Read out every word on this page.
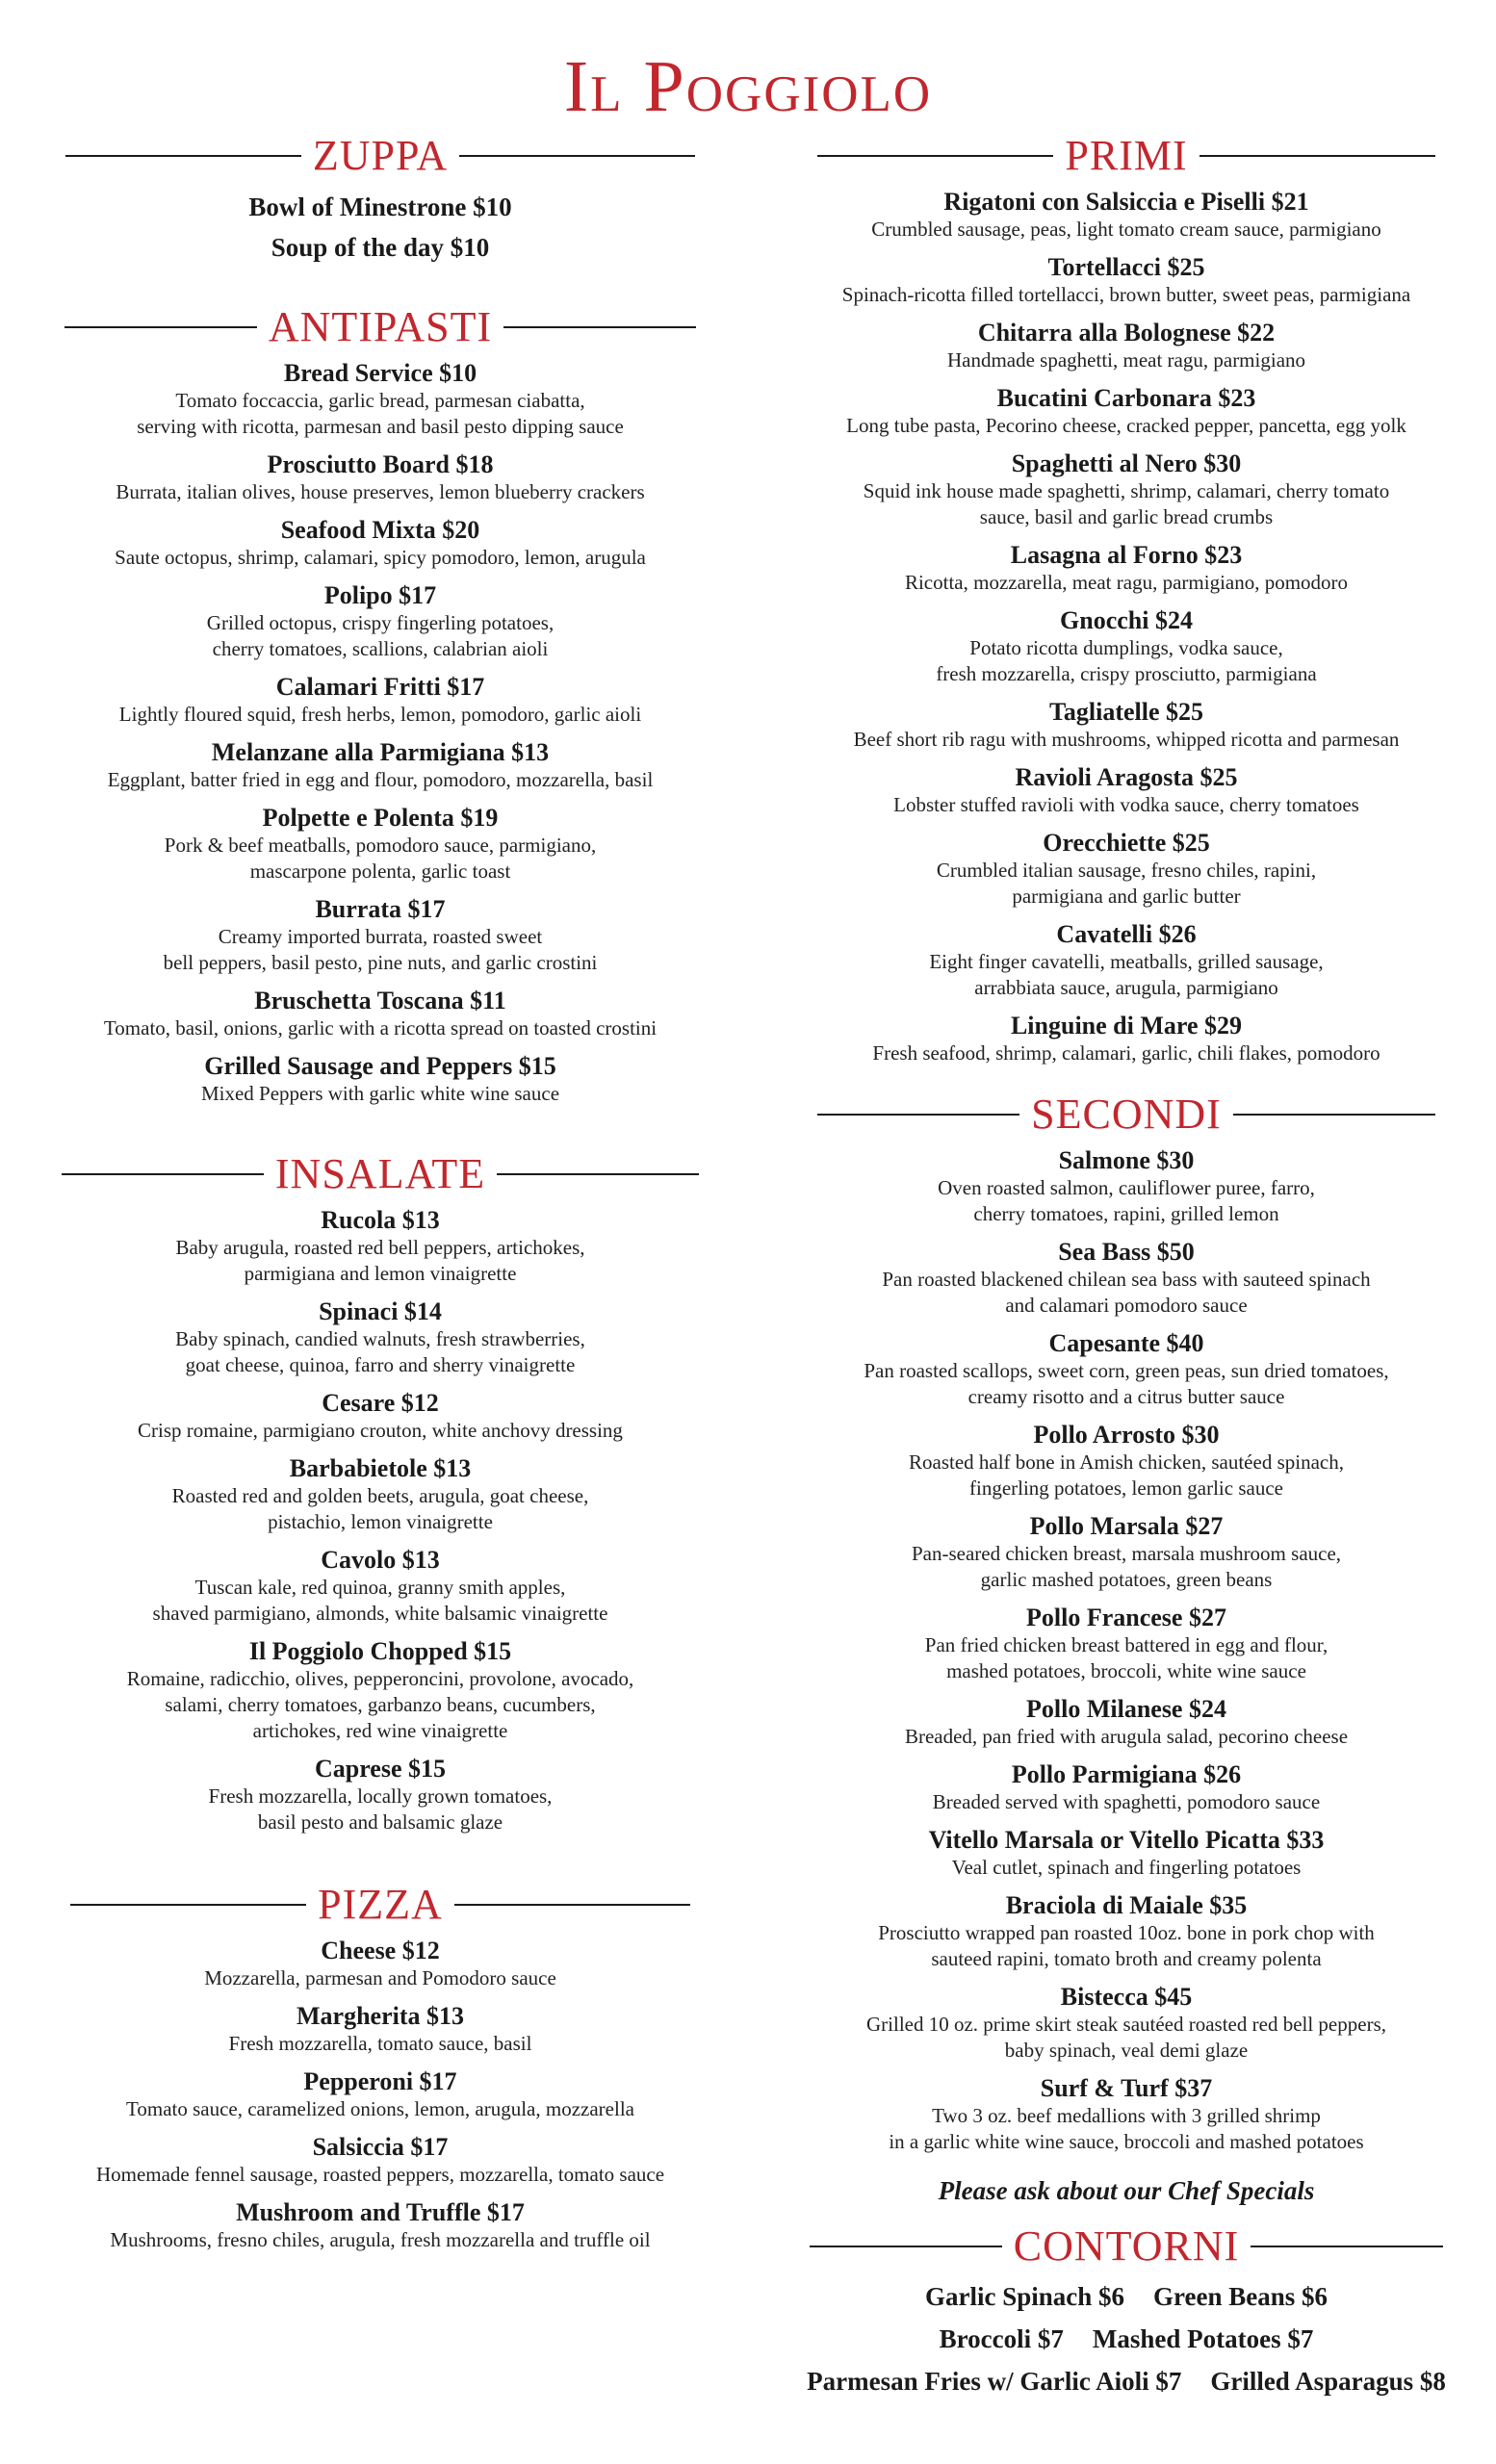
Il Poggiolo
ZUPPA
Bowl of Minestrone $10
Soup of the day $10
ANTIPASTI
Bread Service $10
Tomato foccaccia, garlic bread, parmesan ciabatta,
serving with ricotta, parmesan and basil pesto dipping sauce
Prosciutto Board $18
Burrata, italian olives, house preserves, lemon blueberry crackers
Seafood Mixta $20
Saute octopus, shrimp, calamari, spicy pomodoro, lemon, arugula
Polipo $17
Grilled octopus, crispy fingerling potatoes,
cherry tomatoes, scallions, calabrian aioli
Calamari Fritti $17
Lightly floured squid, fresh herbs, lemon, pomodoro, garlic aioli
Melanzane alla Parmigiana $13
Eggplant, batter fried in egg and flour, pomodoro, mozzarella, basil
Polpette e Polenta $19
Pork & beef meatballs, pomodoro sauce, parmigiano,
mascarpone polenta, garlic toast
Burrata $17
Creamy imported burrata, roasted sweet
bell peppers, basil pesto, pine nuts, and garlic crostini
Bruschetta Toscana $11
Tomato, basil, onions, garlic with a ricotta spread on toasted crostini
Grilled Sausage and Peppers $15
Mixed Peppers with garlic white wine sauce
INSALATE
Rucola $13
Baby arugula, roasted red bell peppers, artichokes,
parmigiana and lemon vinaigrette
Spinaci $14
Baby spinach, candied walnuts, fresh strawberries,
goat cheese, quinoa, farro and sherry vinaigrette
Cesare $12
Crisp romaine, parmigiano crouton, white anchovy dressing
Barbabietole $13
Roasted red and golden beets, arugula, goat cheese,
pistachio, lemon vinaigrette
Cavolo $13
Tuscan kale, red quinoa, granny smith apples,
shaved parmigiano, almonds, white balsamic vinaigrette
Il Poggiolo Chopped $15
Romaine, radicchio, olives, pepperoncini, provolone, avocado,
salami, cherry tomatoes, garbanzo beans, cucumbers,
artichokes, red wine vinaigrette
Caprese $15
Fresh mozzarella, locally grown tomatoes,
basil pesto and balsamic glaze
PIZZA
Cheese $12
Mozzarella, parmesan and Pomodoro sauce
Margherita $13
Fresh mozzarella, tomato sauce, basil
Pepperoni $17
Tomato sauce, caramelized onions, lemon, arugula, mozzarella
Salsiccia $17
Homemade fennel sausage, roasted peppers, mozzarella, tomato sauce
Mushroom and Truffle $17
Mushrooms, fresno chiles, arugula, fresh mozzarella and truffle oil
PRIMI
Rigatoni con Salsiccia e Piselli $21
Crumbled sausage, peas, light tomato cream sauce, parmigiano
Tortellacci $25
Spinach-ricotta filled tortellacci, brown butter, sweet peas, parmigiana
Chitarra alla Bolognese $22
Handmade spaghetti, meat ragu, parmigiano
Bucatini Carbonara $23
Long tube pasta, Pecorino cheese, cracked pepper, pancetta, egg yolk
Spaghetti al Nero $30
Squid ink house made spaghetti, shrimp, calamari, cherry tomato
sauce, basil and garlic bread crumbs
Lasagna al Forno $23
Ricotta, mozzarella, meat ragu, parmigiano, pomodoro
Gnocchi $24
Potato ricotta dumplings, vodka sauce,
fresh mozzarella, crispy prosciutto, parmigiana
Tagliatelle $25
Beef short rib ragu with mushrooms, whipped ricotta and parmesan
Ravioli Aragosta $25
Lobster stuffed ravioli with vodka sauce, cherry tomatoes
Orecchiette $25
Crumbled italian sausage, fresno chiles, rapini,
parmigiana and garlic butter
Cavatelli $26
Eight finger cavatelli, meatballs, grilled sausage,
arrabbiata sauce, arugula, parmigiano
Linguine di Mare $29
Fresh seafood, shrimp, calamari, garlic, chili flakes, pomodoro
SECONDI
Salmone $30
Oven roasted salmon, cauliflower puree, farro,
cherry tomatoes, rapini, grilled lemon
Sea Bass $50
Pan roasted blackened chilean sea bass with sauteed spinach
and calamari pomodoro sauce
Capesante $40
Pan roasted scallops, sweet corn, green peas, sun dried tomatoes,
creamy risotto and a citrus butter sauce
Pollo Arrosto $30
Roasted half bone in Amish chicken, sautéed spinach,
fingerling potatoes, lemon garlic sauce
Pollo Marsala $27
Pan-seared chicken breast, marsala mushroom sauce,
garlic mashed potatoes, green beans
Pollo Francese $27
Pan fried chicken breast battered in egg and flour,
mashed potatoes, broccoli, white wine sauce
Pollo Milanese $24
Breaded, pan fried with arugula salad, pecorino cheese
Pollo Parmigiana $26
Breaded served with spaghetti, pomodoro sauce
Vitello Marsala or Vitello Picatta $33
Veal cutlet, spinach and fingerling potatoes
Braciola di Maiale $35
Prosciutto wrapped pan roasted 10oz. bone in pork chop with
sauteed rapini, tomato broth and creamy polenta
Bistecca $45
Grilled 10 oz. prime skirt steak sautéed roasted red bell peppers,
baby spinach, veal demi glaze
Surf & Turf $37
Two 3 oz. beef medallions with 3 grilled shrimp
in a garlic white wine sauce, broccoli and mashed potatoes
Please ask about our Chef Specials
CONTORNI
Garlic Spinach $6 Green Beans $6
Broccoli $7 Mashed Potatoes $7
Parmesan Fries w/ Garlic Aioli $7 Grilled Asparagus $8
